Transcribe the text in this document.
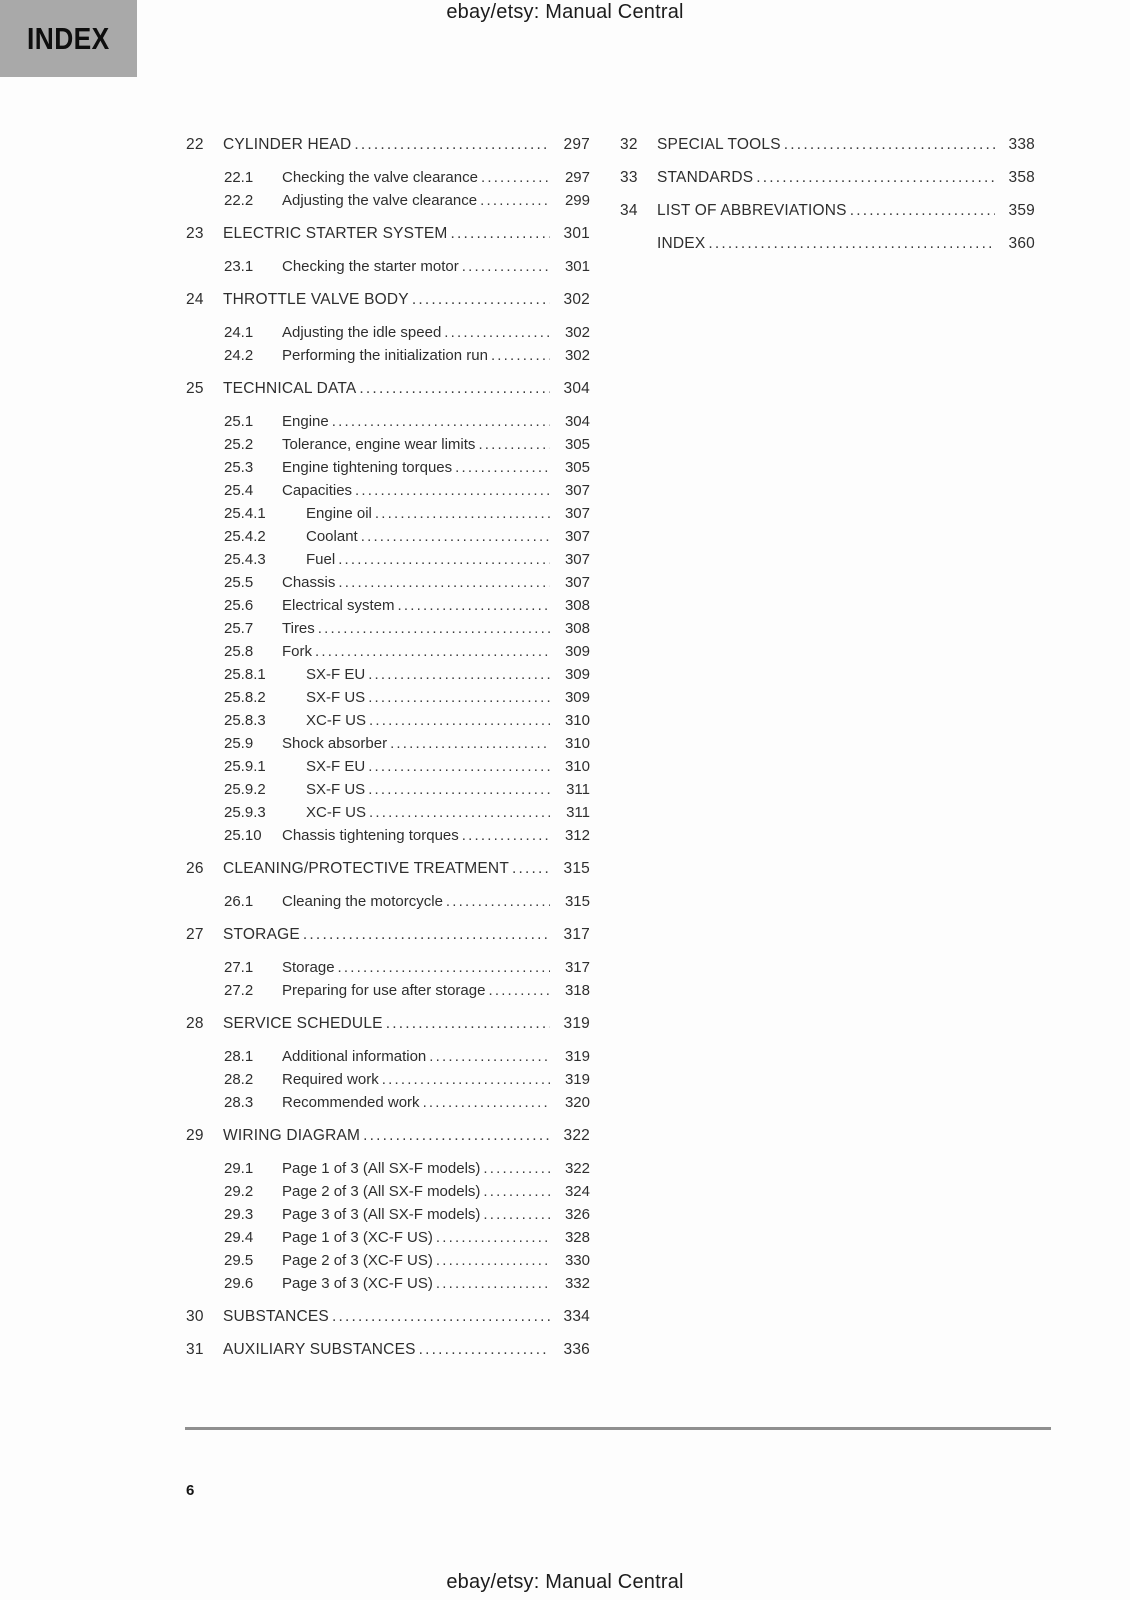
ebay/etsy: Manual Central
INDEX
22	CYLINDER HEAD .....	297
22.1	Checking the valve clearance .....	297
22.2	Adjusting the valve clearance .....	299
23	ELECTRIC STARTER SYSTEM .....	301
23.1	Checking the starter motor .....	301
24	THROTTLE VALVE BODY .....	302
24.1	Adjusting the idle speed .....	302
24.2	Performing the initialization run .....	302
25	TECHNICAL DATA .....	304
25.1	Engine .....	304
25.2	Tolerance, engine wear limits .....	305
25.3	Engine tightening torques .....	305
25.4	Capacities .....	307
25.4.1	Engine oil .....	307
25.4.2	Coolant .....	307
25.4.3	Fuel .....	307
25.5	Chassis .....	307
25.6	Electrical system .....	308
25.7	Tires .....	308
25.8	Fork .....	309
25.8.1	SX-F EU .....	309
25.8.2	SX-F US .....	309
25.8.3	XC-F US .....	310
25.9	Shock absorber .....	310
25.9.1	SX-F EU .....	310
25.9.2	SX-F US .....	311
25.9.3	XC-F US .....	311
25.10	Chassis tightening torques .....	312
26	CLEANING/PROTECTIVE TREATMENT .....	315
26.1	Cleaning the motorcycle .....	315
27	STORAGE .....	317
27.1	Storage .....	317
27.2	Preparing for use after storage .....	318
28	SERVICE SCHEDULE .....	319
28.1	Additional information .....	319
28.2	Required work .....	319
28.3	Recommended work .....	320
29	WIRING DIAGRAM .....	322
29.1	Page 1 of 3 (All SX-F models) .....	322
29.2	Page 2 of 3 (All SX-F models) .....	324
29.3	Page 3 of 3 (All SX-F models) .....	326
29.4	Page 1 of 3 (XC-F US) .....	328
29.5	Page 2 of 3 (XC-F US) .....	330
29.6	Page 3 of 3 (XC-F US) .....	332
30	SUBSTANCES .....	334
31	AUXILIARY SUBSTANCES .....	336
32	SPECIAL TOOLS .....	338
33	STANDARDS .....	358
34	LIST OF ABBREVIATIONS .....	359
INDEX .....	360
6
ebay/etsy: Manual Central
